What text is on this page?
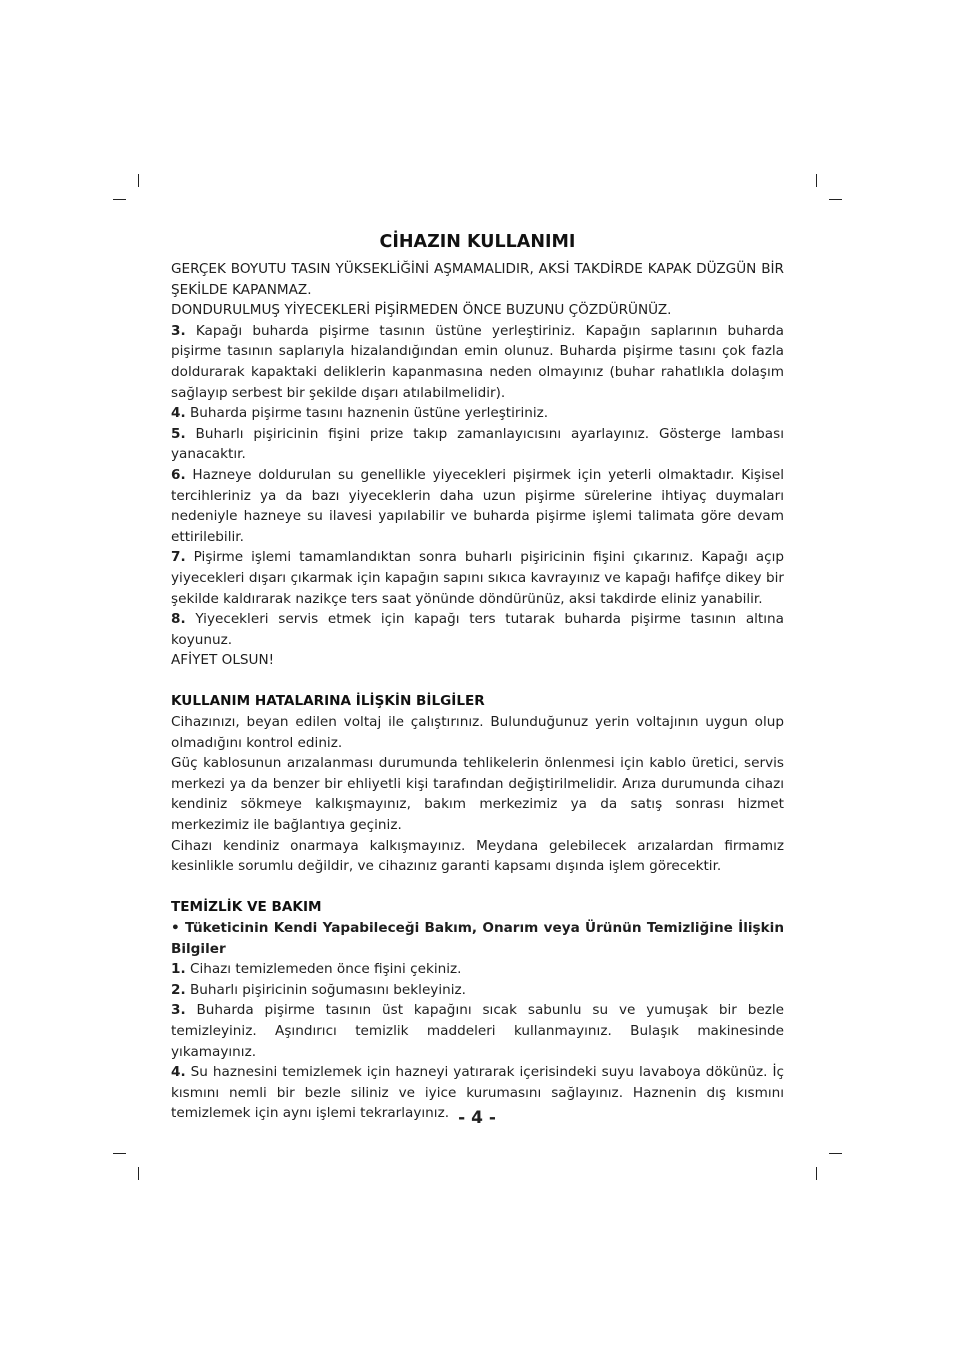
CİHAZIN KULLANIMI

GERÇEK BOYUTU TASIN YÜKSEKLİĞİNİ AŞMAMALIDIR, AKSİ TAKDİRDE KAPAK DÜZGÜN BİR ŞEKİLDE KAPANMAZ.

DONDURULMUŞ YİYECEKLERİ PİŞİRMEDEN ÖNCE BUZUNU ÇÖZDÜRÜNÜZ.

3. Kapağı buharda pişirme tasının üstüne yerleştiriniz. Kapağın saplarının buharda pişirme tasının saplarıyla hizalandığından emin olunuz. Buharda pişirme tasını çok fazla doldurarak kapaktaki deliklerin kapanmasına neden olmayınız (buhar rahatlıkla dolaşım sağlayıp serbest bir şekilde dışarı atılabilmelidir).

4. Buharda pişirme tasını haznenin üstüne yerleştiriniz.

5. Buharlı pişiricinin fişini prize takıp zamanlayıcısını ayarlayınız. Gösterge lambası yanacaktır.

6. Hazneye doldurulan su genellikle yiyecekleri pişirmek için yeterli olmaktadır. Kişisel tercihleriniz ya da bazı yiyeceklerin daha uzun pişirme sürelerine ihtiyaç duymaları nedeniyle hazneye su ilavesi yapılabilir ve buharda pişirme işlemi talimata göre devam ettirilebilir.

7. Pişirme işlemi tamamlandıktan sonra buharlı pişiricinin fişini çıkarınız. Kapağı açıp yiyecekleri dışarı çıkarmak için kapağın sapını sıkıca kavrayınız ve kapağı hafifçe dikey bir şekilde kaldırarak nazikçe ters saat yönünde döndürünüz, aksi takdirde eliniz yanabilir.

8. Yiyecekleri servis etmek için kapağı ters tutarak buharda pişirme tasının altına koyunuz.

AFİYET OLSUN!

KULLANIM HATALARINA İLİŞKİN BİLGİLER

Cihazınızı, beyan edilen voltaj ile çalıştırınız. Bulunduğunuz yerin voltajının uygun olup olmadığını kontrol ediniz.

Güç kablosunun arızalanması durumunda tehlikelerin önlenmesi için kablo üretici, servis merkezi ya da benzer bir ehliyetli kişi tarafından değiştirilmelidir. Arıza durumunda cihazı kendiniz sökmeye kalkışmayınız, bakım merkezimiz ya da satış sonrası hizmet merkezimiz ile bağlantıya geçiniz.

Cihazı kendiniz onarmaya kalkışmayınız. Meydana gelebilecek arızalardan firmamız kesinlikle sorumlu değildir, ve cihazınız garanti kapsamı dışında işlem görecektir.

TEMİZLİK VE BAKIM

• Tüketicinin Kendi Yapabileceği Bakım, Onarım veya Ürünün Temizliğine İlişkin Bilgiler

1. Cihazı temizlemeden önce fişini çekiniz.

2. Buharlı pişiricinin soğumasını bekleyiniz.

3. Buharda pişirme tasının üst kapağını sıcak sabunlu su ve yumuşak bir bezle temizleyiniz. Aşındırıcı temizlik maddeleri kullanmayınız. Bulaşık makinesinde yıkamayınız.

4. Su haznesini temizlemek için hazneyi yatırarak içerisindeki suyu lavaboya dökünüz. İç kısmını nemli bir bezle siliniz ve iyice kurumasını sağlayınız. Haznenin dış kısmını temizlemek için aynı işlemi tekrarlayınız. - 4 -
